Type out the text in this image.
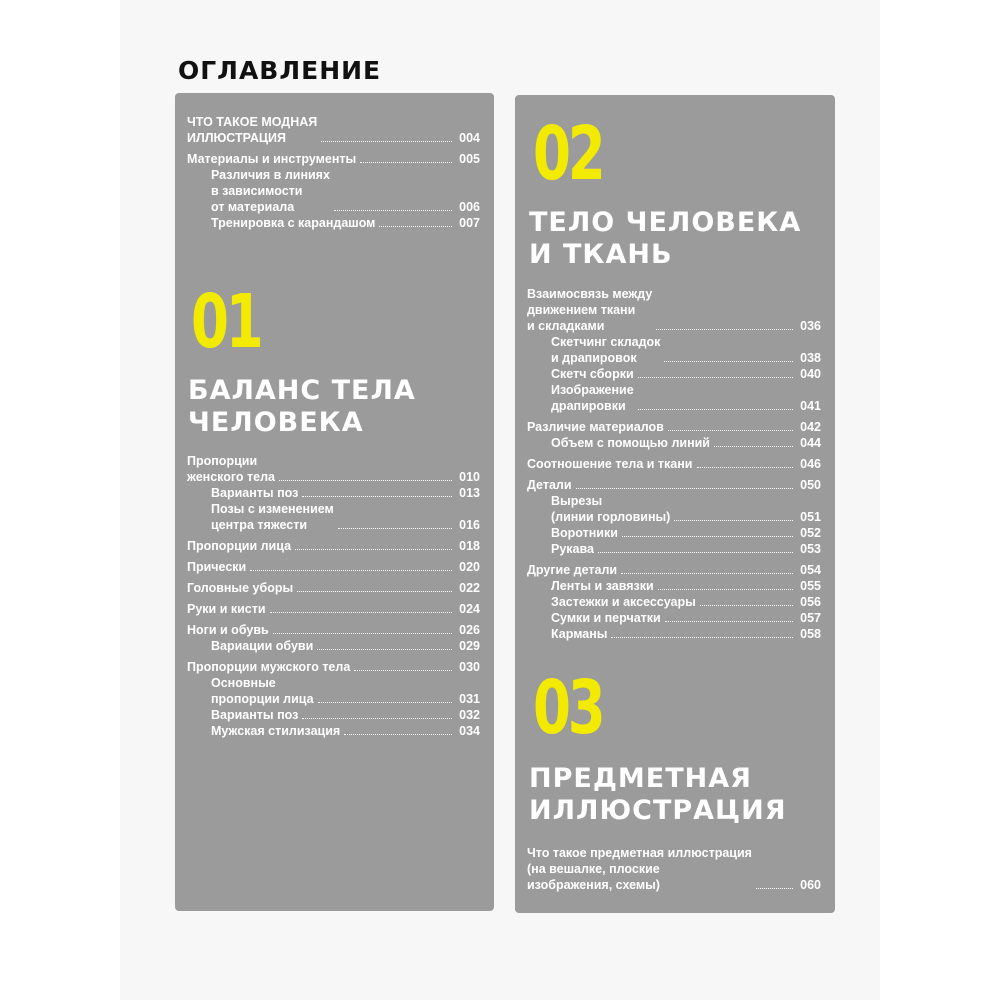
ОГЛАВЛЕНИЕ
ЧТО ТАКОЕ МОДНАЯ
ИЛЛЮСТРАЦИЯ	004
Материалы и инструменты	005
Различия в линиях
в зависимости
от материала	006
Тренировка с карандашом	007
01
БАЛАНС ТЕЛА
ЧЕЛОВЕКА
Пропорции
женского тела	010
Варианты поз	013
Позы с изменением
центра тяжести	016
Пропорции лица	018
Прически	020
Головные уборы	022
Руки и кисти	024
Ноги и обувь	026
Вариации обуви	029
Пропорции мужского тела	030
Основные
пропорции лица	031
Варианты поз	032
Мужская стилизация	034
02
ТЕЛО ЧЕЛОВЕКА
И ТКАНЬ
Взаимосвязь между
движением ткани
и складками	036
Скетчинг складок
и драпировок	038
Скетч сборки	040
Изображение
драпировки	041
Различие материалов	042
Объем с помощью линий	044
Соотношение тела и ткани	046
Детали	050
Вырезы
(линии горловины)	051
Воротники	052
Рукава	053
Другие детали	054
Ленты и завязки	055
Застежки и аксессуары	056
Сумки и перчатки	057
Карманы	058
03
ПРЕДМЕТНАЯ
ИЛЛЮСТРАЦИЯ
Что такое предметная иллюстрация
(на вешалке, плоские
изображения, схемы)	060
